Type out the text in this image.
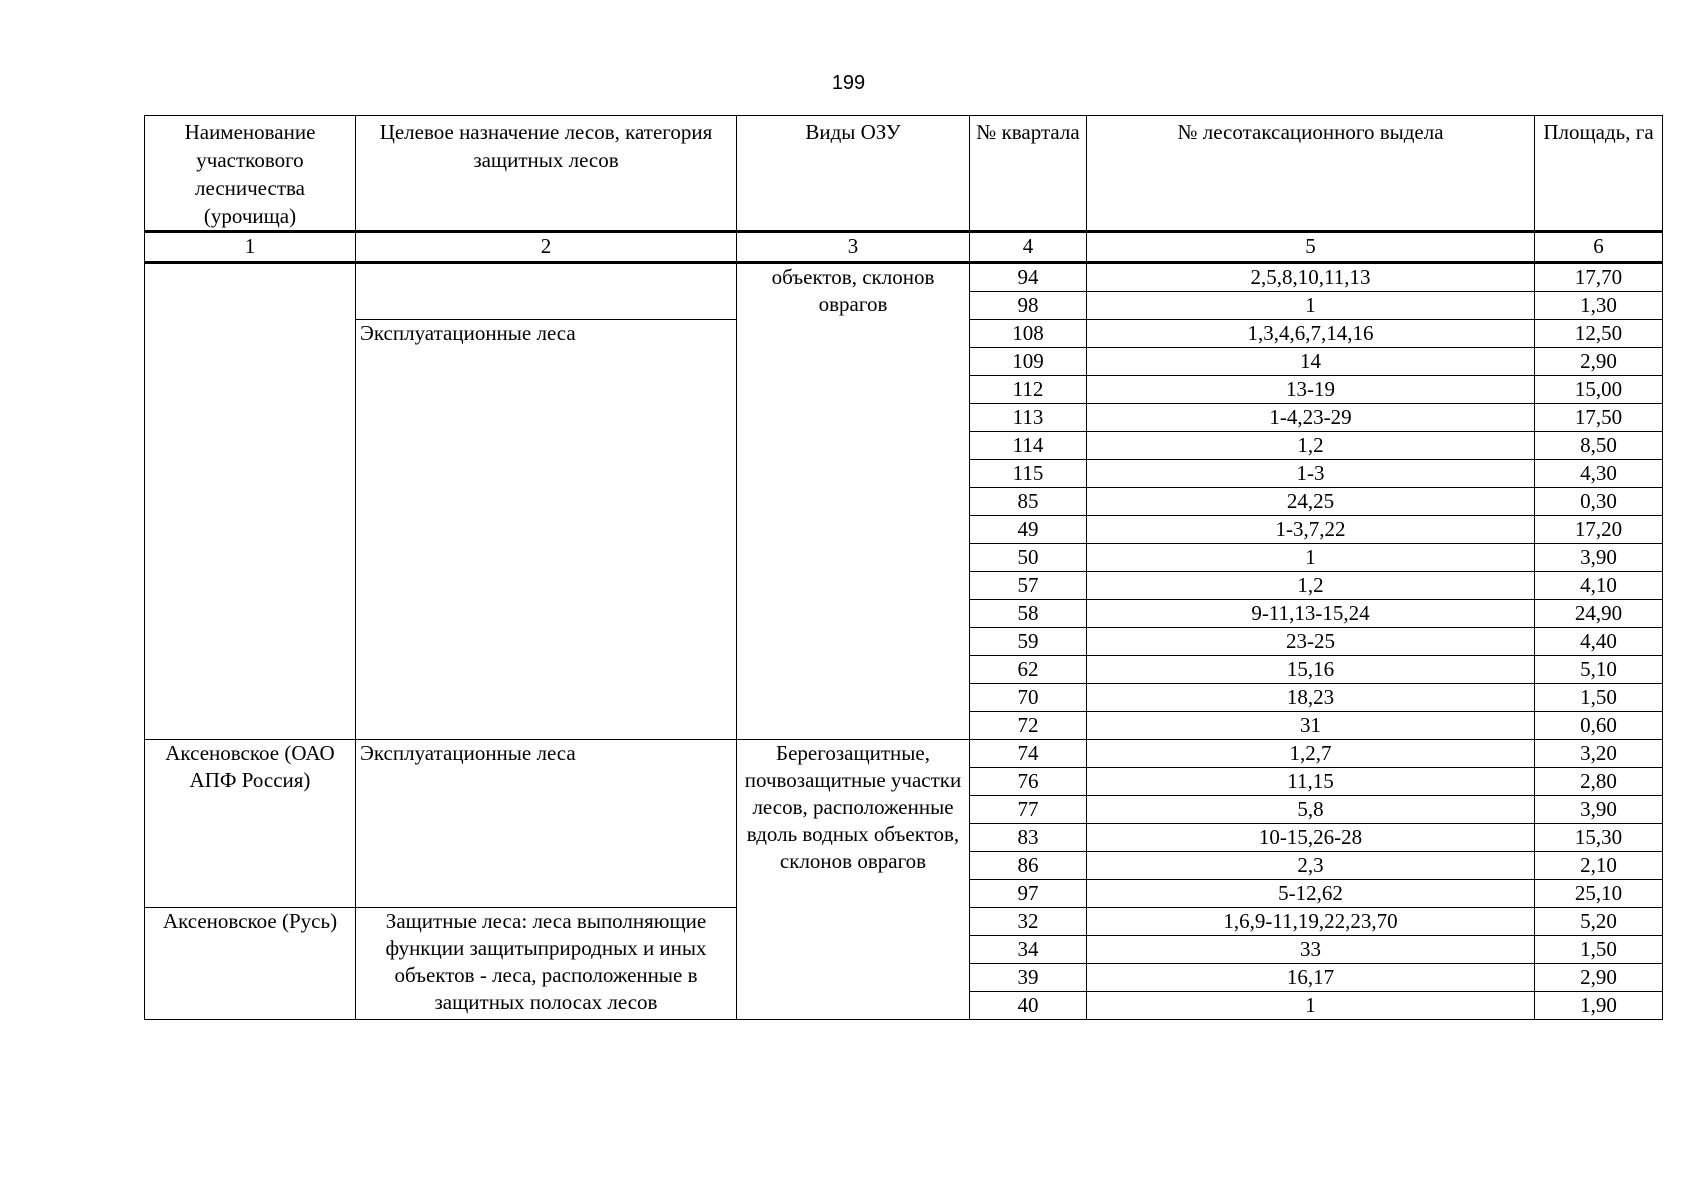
199
Наименование участкового лесничества (урочища)	Целевое назначение лесов, категория защитных лесов	Виды ОЗУ	№ квартала	№ лесотаксационного выдела	Площадь, га
1	2	3	4	5	6
		объектов, склонов оврагов	94	2,5,8,10,11,13	17,70
			98	1	1,30
	Эксплуатационные леса		108	1,3,4,6,7,14,16	12,50
			109	14	2,90
			112	13-19	15,00
			113	1-4,23-29	17,50
			114	1,2	8,50
			115	1-3	4,30
			85	24,25	0,30
			49	1-3,7,22	17,20
			50	1	3,90
			57	1,2	4,10
			58	9-11,13-15,24	24,90
			59	23-25	4,40
			62	15,16	5,10
			70	18,23	1,50
			72	31	0,60
Аксеновское (ОАО АПФ Россия)	Эксплуатационные леса	Берегозащитные, почвозащитные участки лесов, расположенные вдоль водных объектов, склонов оврагов	74	1,2,7	3,20
			76	11,15	2,80
			77	5,8	3,90
			83	10-15,26-28	15,30
			86	2,3	2,10
			97	5-12,62	25,10
Аксеновское (Русь)	Защитные леса: леса выполняющие функции защитыприродных и иных объектов - леса, расположенные в защитных полосах лесов		32	1,6,9-11,19,22,23,70	5,20
			34	33	1,50
			39	16,17	2,90
			40	1	1,90
